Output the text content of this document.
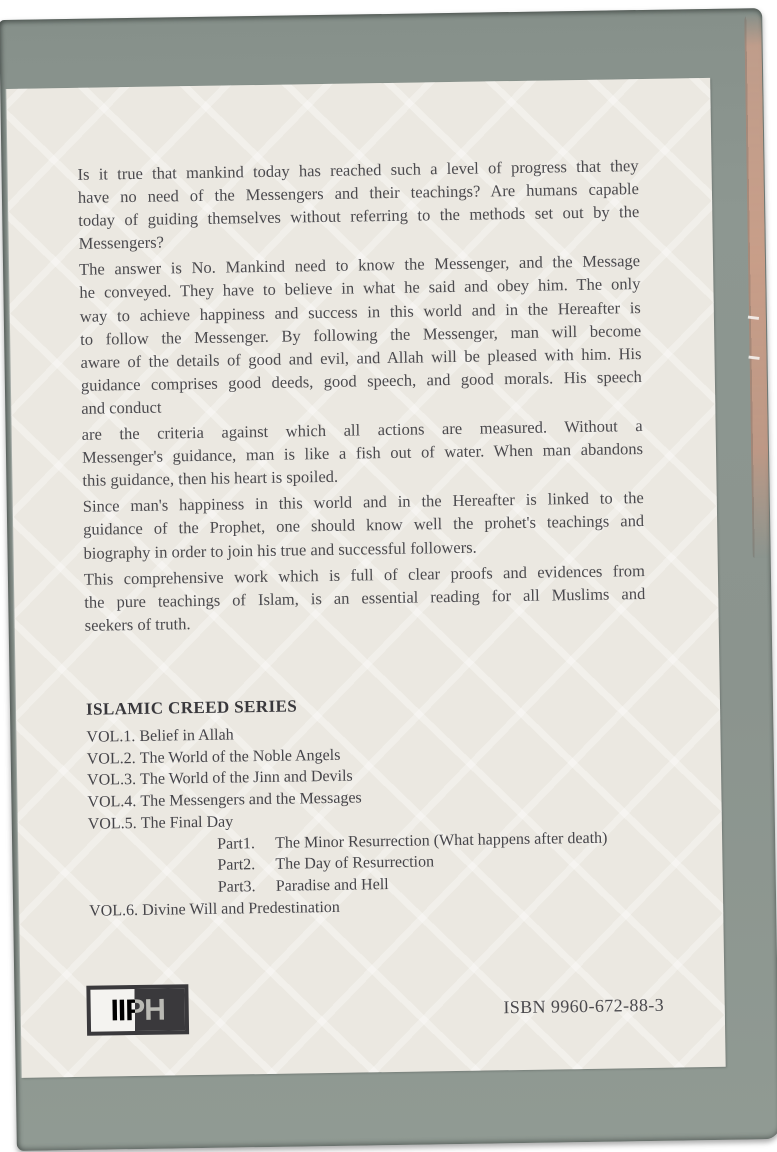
Is it true that mankind today has reached such a level of progress that they
have no need of the Messengers and their teachings? Are humans capable
today of guiding themselves without referring to the methods set out by the
Messengers?
The answer is No. Mankind need to know the Messenger, and the Message
he conveyed. They have to believe in what he said and obey him. The only
way to achieve happiness and success in this world and in the Hereafter is
to follow the Messenger. By following the Messenger, man will become
aware of the details of good and evil, and Allah will be pleased with him. His
guidance comprises good deeds, good speech, and good morals. His speech
and conduct
are the criteria against which all actions are measured. Without a
Messenger's guidance, man is like a fish out of water. When man abandons
this guidance, then his heart is spoiled.
Since man's happiness in this world and in the Hereafter is linked to the
guidance of the Prophet, one should know well the prohet's teachings and
biography in order to join his true and successful followers.
This comprehensive work which is full of clear proofs and evidences from
the pure teachings of Islam, is an essential reading for all Muslims and
seekers of truth.
ISLAMIC CREED SERIES
VOL.1. Belief in Allah
VOL.2. The World of the Noble Angels
VOL.3. The World of the Jinn and Devils
VOL.4. The Messengers and the Messages
VOL.5. The Final Day
Part1.	The Minor Resurrection (What happens after death)
Part2.	The Day of Resurrection
Part3.	Paradise and Hell
VOL.6. Divine Will and Predestination
IIPH	ISBN 9960-672-88-3
